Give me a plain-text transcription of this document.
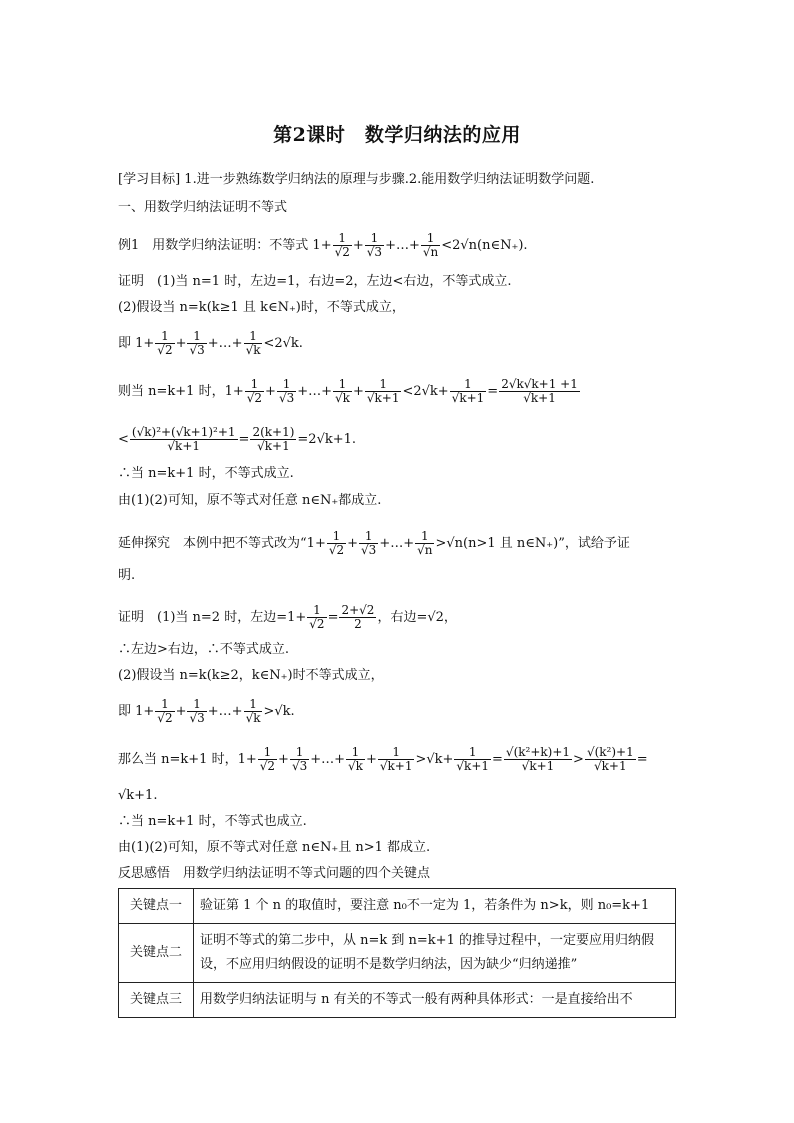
第2课时　数学归纳法的应用
[学习目标] 1.进一步熟练数学归纳法的原理与步骤.2.能用数学归纳法证明数学问题.
一、用数学归纳法证明不等式
例1　 用数学归纳法证明：不等式 $1+ \frac{1}{√2} + \frac{1}{√3}$ +…+ $\frac{1}{√n}$ <2√n(n∈N₊).
证明　(1)当 n=1 时，左边=1，右边=2，左边<右边，不等式成立.
(2)假设当 n=k(k≥1 且 k∈N₊)时，不等式成立，
即 $1+ \frac{1}{√2} + \frac{1}{√3}$ +…+ $\frac{1}{√k} <2√k$.
则当 n=k+1 时，$1+ \frac{1}{√2} + \frac{1}{√3}$ +…+ $\frac{1}{√k} + \frac{1}{√k+1} <2√k+ \frac{1}{√k+1} = \frac{2√k√k+1 +1}{√k+1}$
< $\frac{\text{(√k)²+(√k+1)²+1}}{√k+1} = \frac{2(k+1)}{√k+1} =2√k+1$.
∴当 n=k+1 时，不等式成立.
由(1)(2)可知，原不等式对任意 n∈N₊都成立.
延伸探究　 本例中把不等式改为“$1+ \frac{1}{√2} + \frac{1}{√3}$ +…+ $\frac{1}{√n} >√n(n>1$ 且 n∈N₊)”，试给予证
明.
证明　(1)当 n=2 时，左边$=1+ \frac{1}{√2} = \frac{2+√2}{2}$ ，右边=√2，
∴左边>右边，∴不等式成立.
(2)假设当 n=k(k≥2，k∈N₊)时不等式成立，
即 $1+ \frac{1}{√2} + \frac{1}{√3}$ +…+ $\frac{1}{√k} >√k$.
那么当 n=k+1 时，$1+ \frac{1}{√2} + \frac{1}{√3}$ +…+ $\frac{1}{√k} + \frac{1}{√k+1} >√k+ \frac{1}{√k+1} = \frac{\text{√(k²+k)+1}}{√k+1} > \frac{\text{√(k²)+1}}{√k+1}$ =
√k+1.
∴当 n=k+1 时，不等式也成立.
由(1)(2)可知，原不等式对任意 n∈N₊且 n>1 都成立.
反思感悟　 用数学归纳法证明不等式问题的四个关键点
关键点一	验证第 1 个 n 的取值时，要注意 n₀不一定为 1，若条件为 n>k，则 n₀=k+1
关键点二	证明不等式的第二步中，从 n=k 到 n=k+1 的推导过程中，一定要应用归纳假设，不应用归纳假设的证明不是数学归纳法，因为缺少“归纳递推”
关键点三	用数学归纳法证明与 n 有关的不等式一般有两种具体形式：一是直接给出不
